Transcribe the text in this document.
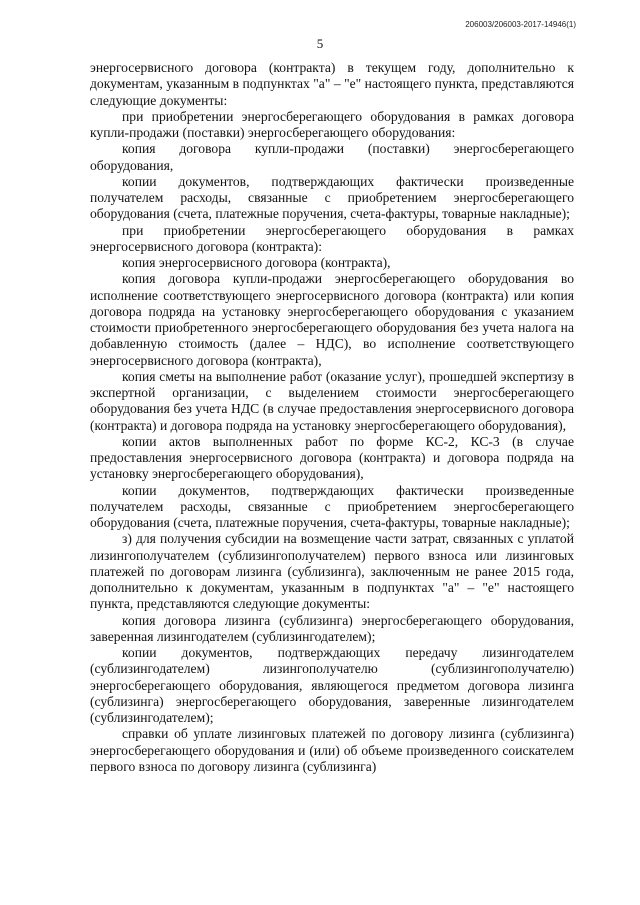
206003/206003-2017-14946(1)
5

энергосервисного договора (контракта) в текущем году, дополнительно к документам, указанным в подпунктах "а" – "е" настоящего пункта, представляются следующие документы:

при приобретении энергосберегающего оборудования в рамках договора купли-продажи (поставки) энергосберегающего оборудования:

копия договора купли-продажи (поставки) энергосберегающего оборудования,

копии документов, подтверждающих фактически произведенные получателем расходы, связанные с приобретением энергосберегающего оборудования (счета, платежные поручения, счета-фактуры, товарные накладные);

при приобретении энергосберегающего оборудования в рамках энергосервисного договора (контракта):

копия энергосервисного договора (контракта),

копия договора купли-продажи энергосберегающего оборудования во исполнение соответствующего энергосервисного договора (контракта) или копия договора подряда на установку энергосберегающего оборудования с указанием стоимости приобретенного энергосберегающего оборудования без учета налога на добавленную стоимость (далее – НДС), во исполнение соответствующего энергосервисного договора (контракта),

копия сметы на выполнение работ (оказание услуг), прошедшей экспертизу в экспертной организации, с выделением стоимости энергосберегающего оборудования без учета НДС (в случае предоставления энергосервисного договора (контракта) и договора подряда на установку энергосберегающего оборудования),

копии актов выполненных работ по форме КС-2, КС-3 (в случае предоставления энергосервисного договора (контракта) и договора подряда на установку энергосберегающего оборудования),

копии документов, подтверждающих фактически произведенные получателем расходы, связанные с приобретением энергосберегающего оборудования (счета, платежные поручения, счета-фактуры, товарные накладные);

з) для получения субсидии на возмещение части затрат, связанных с уплатой лизингополучателем (сублизингополучателем) первого взноса или лизинговых платежей по договорам лизинга (сублизинга), заключенным не ранее 2015 года, дополнительно к документам, указанным в подпунктах "а" – "е" настоящего пункта, представляются следующие документы:

копия договора лизинга (сублизинга) энергосберегающего оборудования, заверенная лизингодателем (сублизингодателем);

копии документов, подтверждающих передачу лизингодателем (сублизингодателем) лизингополучателю (сублизингополучателю) энергосберегающего оборудования, являющегося предметом договора лизинга (сублизинга) энергосберегающего оборудования, заверенные лизингодателем (сублизингодателем);

справки об уплате лизинговых платежей по договору лизинга (сублизинга) энергосберегающего оборудования и (или) об объеме произведенного соискателем первого взноса по договору лизинга (сублизинга)
